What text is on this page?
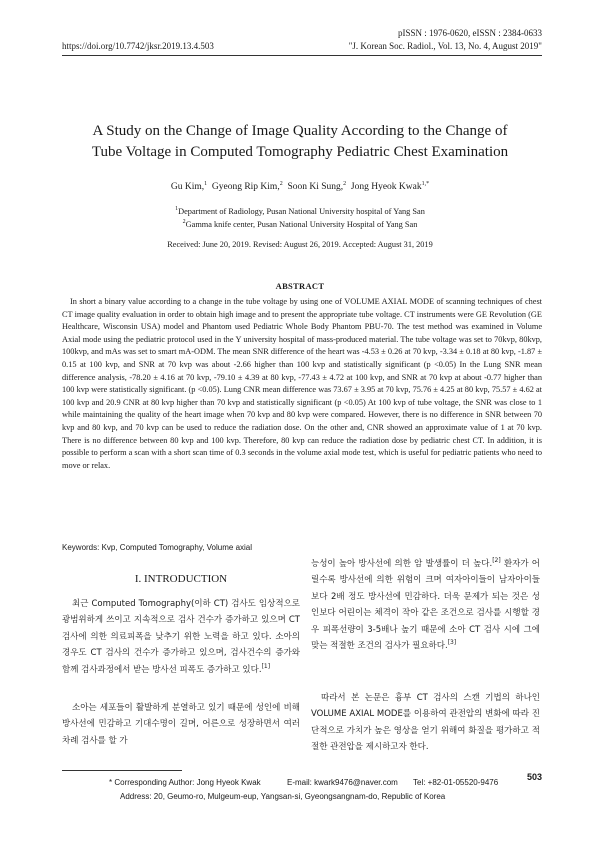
pISSN : 1976-0620, eISSN : 2384-0633
https://doi.org/10.7742/jksr.2019.13.4.503	"J. Korean Soc. Radiol., Vol. 13, No. 4, August 2019"
A Study on the Change of Image Quality According to the Change of
Tube Voltage in Computed Tomography Pediatric Chest Examination
Gu Kim,$^1$ Gyeong Rip Kim,$^2$ Soon Ki Sung,$^2$ Jong Hyeok Kwak$^{1,*}$
$^1$Department of Radiology, Pusan National University hospital of Yang San
$^2$Gamma knife center, Pusan National University Hospital of Yang San
Received: June 20, 2019. Revised: August 26, 2019. Accepted: August 31, 2019
ABSTRACT

In short a binary value according to a change in the tube voltage by using one of VOLUME AXIAL MODE of scanning techniques of chest CT image quality evaluation in order to obtain high image and to present the appropriate tube voltage. CT instruments were GE Revolution (GE Healthcare, Wisconsin USA) model and Phantom used Pediatric Whole Body Phantom PBU-70. The test method was examined in Volume Axial mode using the pediatric protocol used in the Y university hospital of mass-produced material. The tube voltage was set to 70kvp, 80kvp, 100kvp, and mAs was set to smart mA-ODM. The mean SNR difference of the heart was -4.53 ± 0.26 at 70 kvp, -3.34 ± 0.18 at 80 kvp, -1.87 ± 0.15 at 100 kvp, and SNR at 70 kvp was about -2.66 higher than 100 kvp and statistically significant (p <0.05) In the Lung SNR mean difference analysis, -78.20 ± 4.16 at 70 kvp, -79.10 ± 4.39 at 80 kvp, -77.43 ± 4.72 at 100 kvp, and SNR at 70 kvp at about -0.77 higher than 100 kvp were statistically significant. (p <0.05). Lung CNR mean difference was 73.67 ± 3.95 at 70 kvp, 75.76 ± 4.25 at 80 kvp, 75.57 ± 4.62 at 100 kvp and 20.9 CNR at 80 kvp higher than 70 kvp and statistically significant (p <0.05) At 100 kvp of tube voltage, the SNR was close to 1 while maintaining the quality of the heart image when 70 kvp and 80 kvp were compared. However, there is no difference in SNR between 70 kvp and 80 kvp, and 70 kvp can be used to reduce the radiation dose. On the other and, CNR showed an approximate value of 1 at 70 kvp. There is no difference between 80 kvp and 100 kvp. Therefore, 80 kvp can reduce the radiation dose by pediatric chest CT. In addition, it is possible to perform a scan with a short scan time of 0.3 seconds in the volume axial mode test, which is useful for pediatric patients who need to move or relax.

Keywords: Kvp, Computed Tomography, Volume axial
I. INTRODUCTION

최근 Computed Tomography(이하 CT) 검사도 임상적으로 광범위하게 쓰이고 지속적으로 검사 건수가 증가하고 있으며 CT 검사에 의한 의료피폭을 낮추기 위한 노력을 하고 있다. 소아의 경우도 CT 검사의 건수가 증가하고 있으며, 검사건수의 증가와 함께 검사과정에서 받는 방사선 피폭도 증가하고 있다.[1]

소아는 세포들이 활발하게 분열하고 있기 때문에 성인에 비해 방사선에 민감하고 기대수명이 길며, 어른으로 성장하면서 여러 차례 검사를 할 가

능성이 높아 방사선에 의한 암 발생률이 더 높다.[2] 환자가 어릴수록 방사선에 의한 위험이 크며 여자아이들이 남자아이들 보다 2배 정도 방사선에 민감하다. 더욱 문제가 되는 것은 성인보다 어린이는 체격이 작아 같은 조건으로 검사를 시행할 경우 피폭선량이 3-5배나 높기 때문에 소아 CT 검사 시에 그에 맞는 적절한 조건의 검사가 필요하다.[3]

따라서 본 논문은 흉부 CT 검사의 스캔 기법의 하나인 VOLUME AXIAL MODE를 이용하여 관전압의 변화에 따라 진단적으로 가치가 높은 영상을 얻기 위해여 화질을 평가하고 적절한 관전압을 제시하고자 한다.

* Corresponding Author: Jong Hyeok Kwak	E-mail: kwark9476@naver.com Tel: +82-01-05520-9476
Address: 20, Geumo-ro, Mulgeum-eup, Yangsan-si, Gyeongsangnam-do, Republic of Korea
503
